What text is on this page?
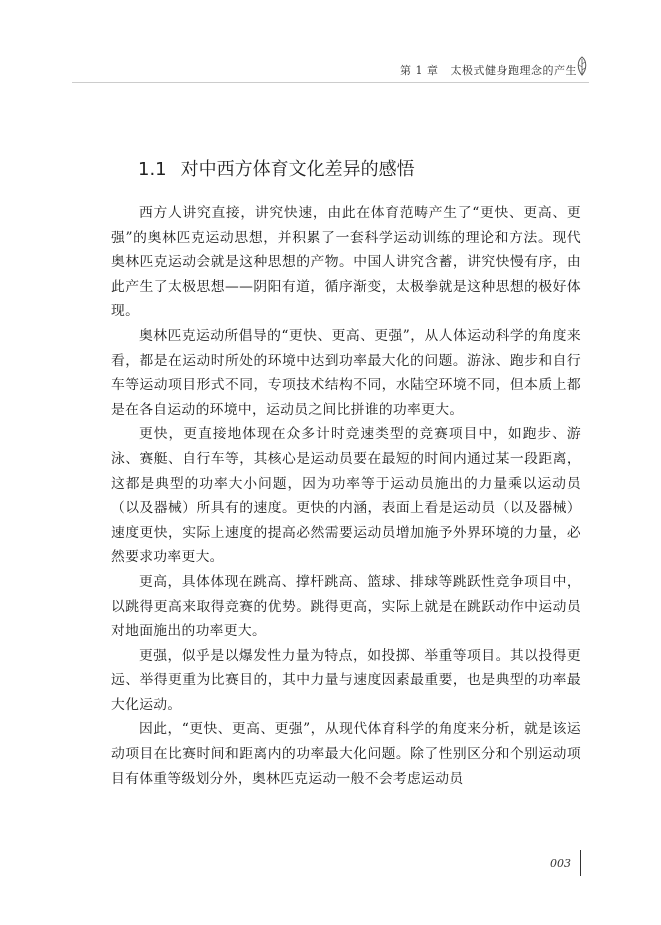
第 1 章 太极式健身跑理念的产生
1.1 对中西方体育文化差异的感悟

西方人讲究直接，讲究快速，由此在体育范畴产生了“更快、更高、更强”的奥林匹克运动思想，并积累了一套科学运动训练的理论和方法。现代奥林匹克运动会就是这种思想的产物。中国人讲究含蓄，讲究快慢有序，由此产生了太极思想——阴阳有道，循序渐变，太极拳就是这种思想的极好体现。

奥林匹克运动所倡导的“更快、更高、更强”，从人体运动科学的角度来看，都是在运动时所处的环境中达到功率最大化的问题。游泳、跑步和自行车等运动项目形式不同，专项技术结构不同，水陆空环境不同，但本质上都是在各自运动的环境中，运动员之间比拼谁的功率更大。

更快，更直接地体现在众多计时竞速类型的竞赛项目中，如跑步、游泳、赛艇、自行车等，其核心是运动员要在最短的时间内通过某一段距离，这都是典型的功率大小问题，因为功率等于运动员施出的力量乘以运动员（以及器械）所具有的速度。更快的内涵，表面上看是运动员（以及器械）速度更快，实际上速度的提高必然需要运动员增加施予外界环境的力量，必然要求功率更大。

更高，具体体现在跳高、撑杆跳高、篮球、排球等跳跃性竞争项目中，以跳得更高来取得竞赛的优势。跳得更高，实际上就是在跳跃动作中运动员对地面施出的功率更大。

更强，似乎是以爆发性力量为特点，如投掷、举重等项目。其以投得更远、举得更重为比赛目的，其中力量与速度因素最重要，也是典型的功率最大化运动。

因此，“更快、更高、更强”，从现代体育科学的角度来分析，就是该运动项目在比赛时间和距离内的功率最大化问题。除了性别区分和个别运动项目有体重等级划分外，奥林匹克运动一般不会考虑运动员

003
